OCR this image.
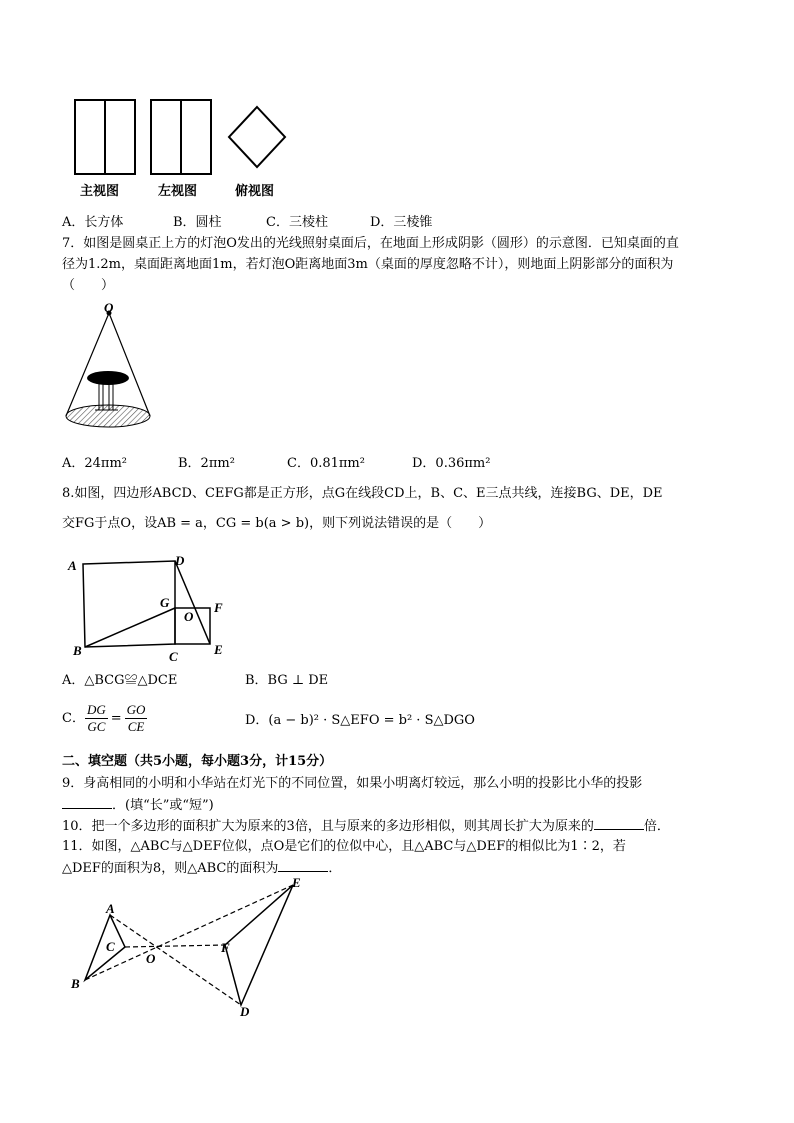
主视图	左视图	俯视图
A．长方体	B．圆柱	C．三棱柱	D．三棱锥
7．如图是圆桌正上方的灯泡O发出的光线照射桌面后，在地面上形成阴影（圆形）的示意图．已知桌面的直
径为1.2m，桌面距离地面1m，若灯泡O距离地面3m（桌面的厚度忽略不计），则地面上阴影部分的面积为
（　　）
O
A．24πm²	B．2πm²	C．0.81πm²	D．0.36πm²
8.如图，四边形ABCD、CEFG都是正方形，点G在线段CD上，B、C、E三点共线，连接BG、DE，DE
交FG于点O，设AB = a，CG = b(a > b)，则下列说法错误的是（　　）
A	D
G	F
O
B	C	E
A．△BCG≌△DCE	B．BG ⊥ DE
C． $\frac{DG}{GC} = \frac{GO}{CE}$	D．(a − b)² · S△EFO = b² · S△DGO
二、填空题（共5小题，每小题3分，计15分）
9．身高相同的小明和小华站在灯光下的不同位置，如果小明离灯较远，那么小明的投影比小华的投影
．(填“长”或“短”)
10．把一个多边形的面积扩大为原来的3倍，且与原来的多边形相似，则其周长扩大为原来的	倍．
11．如图，△ABC与△DEF位似，点O是它们的位似中心，且△ABC与△DEF的相似比为1∶2，若
△DEF的面积为8，则△ABC的面积为	．
A
C
O
B
E
F
D
